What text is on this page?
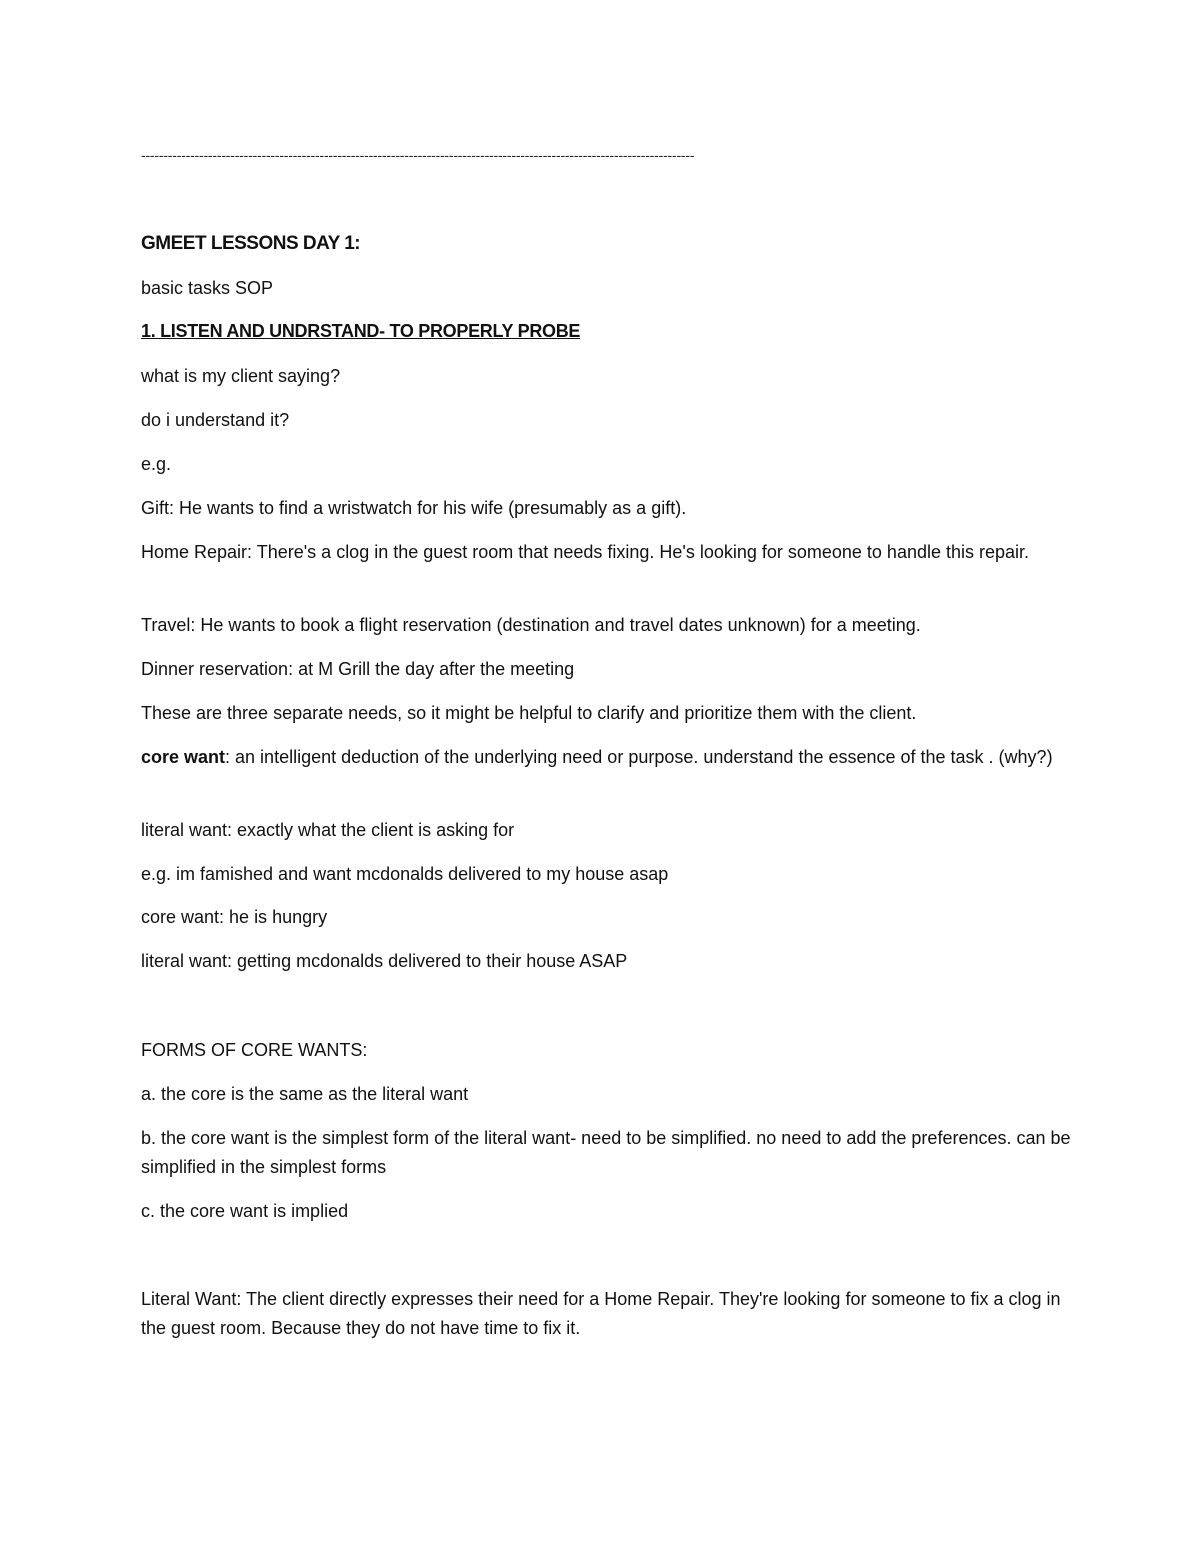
----------------------------------------------------------------------------------------------------------------------------
GMEET LESSONS DAY 1:
basic tasks SOP
1. LISTEN AND UNDRSTAND- TO PROPERLY PROBE
what is my client saying?
do i understand it?
e.g.
Gift: He wants to find a wristwatch for his wife (presumably as a gift).
Home Repair: There's a clog in the guest room that needs fixing. He's looking for someone to handle this repair.
Travel: He wants to book a flight reservation (destination and travel dates unknown) for a meeting.
Dinner reservation: at M Grill the day after the meeting
These are three separate needs, so it might be helpful to clarify and prioritize them with the client.
core want: an intelligent deduction of the underlying need or purpose. understand the essence of the task . (why?)
literal want: exactly what the client is asking for
e.g. im famished and want mcdonalds delivered to my house asap
core want: he is hungry
literal want: getting mcdonalds delivered to their house ASAP
FORMS OF CORE WANTS:
a. the core is the same as the literal want
b. the core want is the simplest form of the literal want- need to be simplified. no need to add the preferences. can be simplified in the simplest forms
c. the core want is implied
Literal Want: The client directly expresses their need for a Home Repair. They're looking for someone to fix a clog in the guest room. Because they do not have time to fix it.
